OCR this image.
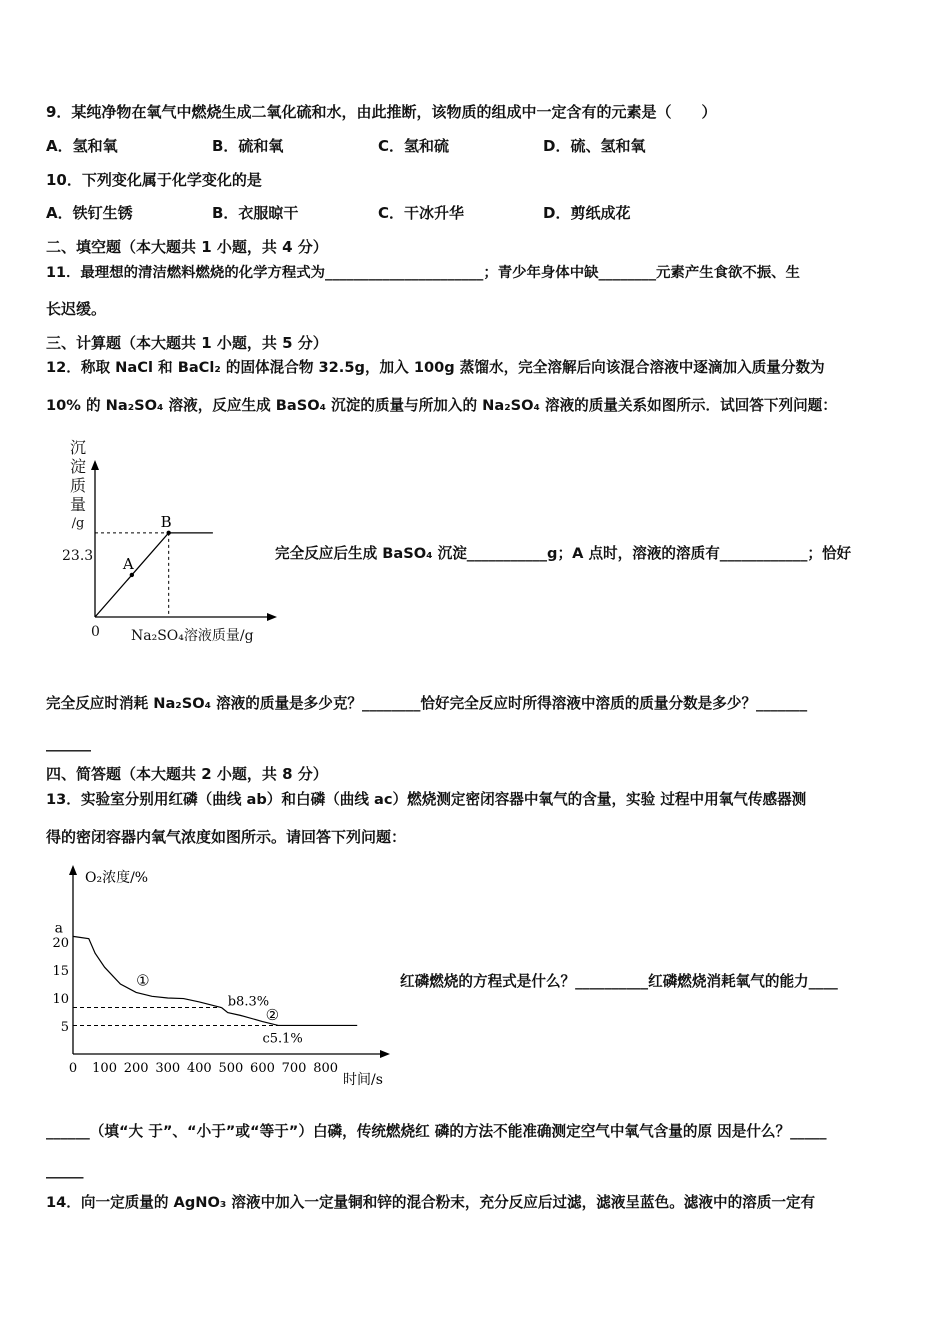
9．某纯净物在氧气中燃烧生成二氧化硫和水，由此推断，该物质的组成中一定含有的元素是（　　）
A．氢和氧	B．硫和氧	C．氢和硫	D．硫、氢和氧
10．下列变化属于化学变化的是
A．铁钉生锈	B．衣服晾干	C．干冰升华	D．剪纸成花
二、填空题（本大题共 1 小题，共 4 分）
11．最理想的清洁燃料燃烧的化学方程式为______________________；青少年身体中缺________元素产生食欲不振、生
长迟缓。
三、计算题（本大题共 1 小题，共 5 分）
12．称取 NaCl 和 BaCl₂ 的固体混合物 32.5g，加入 100g 蒸馏水，完全溶解后向该混合溶液中逐滴加入质量分数为
10% 的 Na₂SO₄ 溶液，反应生成 BaSO₄ 沉淀的质量与所加入的 Na₂SO₄ 溶液的质量关系如图所示．试回答下列问题：
A
B
沉
淀
质
量
/g
23.3
0 Na₂SO₄溶液质量/g
完全反应后生成 BaSO₄ 沉淀___________g；A 点时，溶液的溶质有____________；恰好
完全反应时消耗 Na₂SO₄ 溶液的质量是多少克？________恰好完全反应时所得溶液中溶质的质量分数是多少？_______
______
四、简答题（本大题共 2 小题，共 8 分）
13．实验室分别用红磷（曲线 ab）和白磷（曲线 ac）燃烧测定密闭容器中氧气的含量，实验 过程中用氧气传感器测
得的密闭容器内氧气浓度如图所示。请回答下列问题：
O₂浓度/%
时间/s
0 100 200 300 400 500 600 700 800
5
10
15
20
a
①
②
b8.3%
c5.1%
红磷燃烧的方程式是什么？__________红磷燃烧消耗氧气的能力____
______（填“大 于”、“小于”或“等于”）白磷，传统燃烧红 磷的方法不能准确测定空气中氧气含量的原 因是什么？_____
_____
14．向一定质量的 AgNO₃ 溶液中加入一定量铜和锌的混合粉末，充分反应后过滤，滤液呈蓝色。滤液中的溶质一定有
